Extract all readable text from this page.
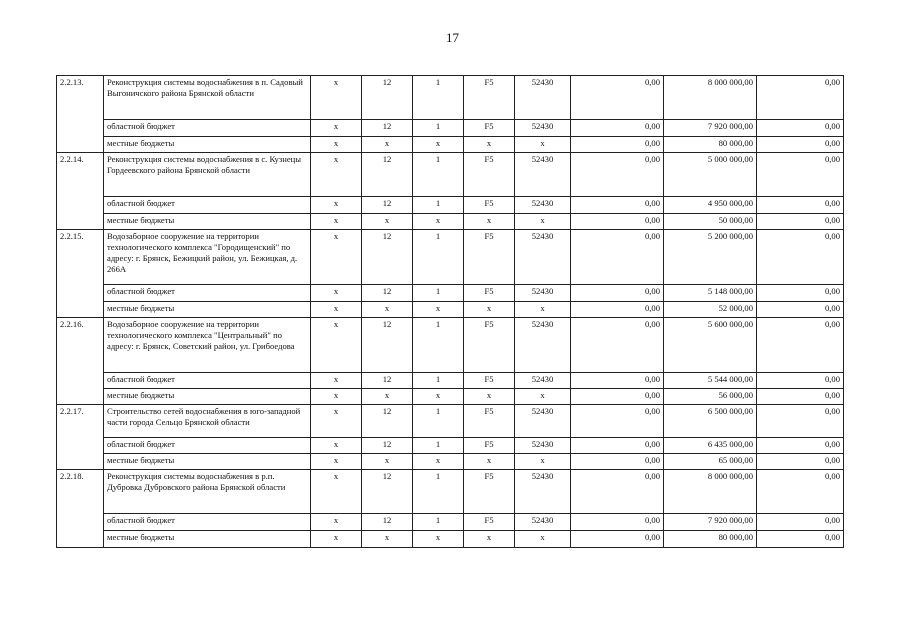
17
2.2.13.	Реконструкция системы водоснабжения в п. Садовый Выгоничского района Брянской области	x	12	1	F5	52430	0,00	8 000 000,00	0,00
	областной бюджет	x	12	1	F5	52430	0,00	7 920 000,00	0,00
	местные бюджеты	x	x	x	x	x	0,00	80 000,00	0,00
2.2.14.	Реконструкция системы водоснабжения в с. Кузнецы Гордеевского района Брянской области	x	12	1	F5	52430	0,00	5 000 000,00	0,00
	областной бюджет	x	12	1	F5	52430	0,00	4 950 000,00	0,00
	местные бюджеты	x	x	x	x	x	0,00	50 000,00	0,00
2.2.15.	Водозаборное сооружение на территории технологического комплекса "Городищенский" по адресу: г. Брянск, Бежицкий район, ул. Бежицкая, д. 266А	x	12	1	F5	52430	0,00	5 200 000,00	0,00
	областной бюджет	x	12	1	F5	52430	0,00	5 148 000,00	0,00
	местные бюджеты	x	x	x	x	x	0,00	52 000,00	0,00
2.2.16.	Водозаборное сооружение на территории технологического комплекса "Центральный" по адресу: г. Брянск, Советский район, ул. Грибоедова	x	12	1	F5	52430	0,00	5 600 000,00	0,00
	областной бюджет	x	12	1	F5	52430	0,00	5 544 000,00	0,00
	местные бюджеты	x	x	x	x	x	0,00	56 000,00	0,00
2.2.17.	Строительство сетей водоснабжения в юго-западной части города Сельцо Брянской области	x	12	1	F5	52430	0,00	6 500 000,00	0,00
	областной бюджет	x	12	1	F5	52430	0,00	6 435 000,00	0,00
	местные бюджеты	x	x	x	x	x	0,00	65 000,00	0,00
2.2.18.	Реконструкция системы водоснабжения в р.п. Дубровка Дубровского района Брянской области	x	12	1	F5	52430	0,00	8 000 000,00	0,00
	областной бюджет	x	12	1	F5	52430	0,00	7 920 000,00	0,00
	местные бюджеты	x	x	x	x	x	0,00	80 000,00	0,00
